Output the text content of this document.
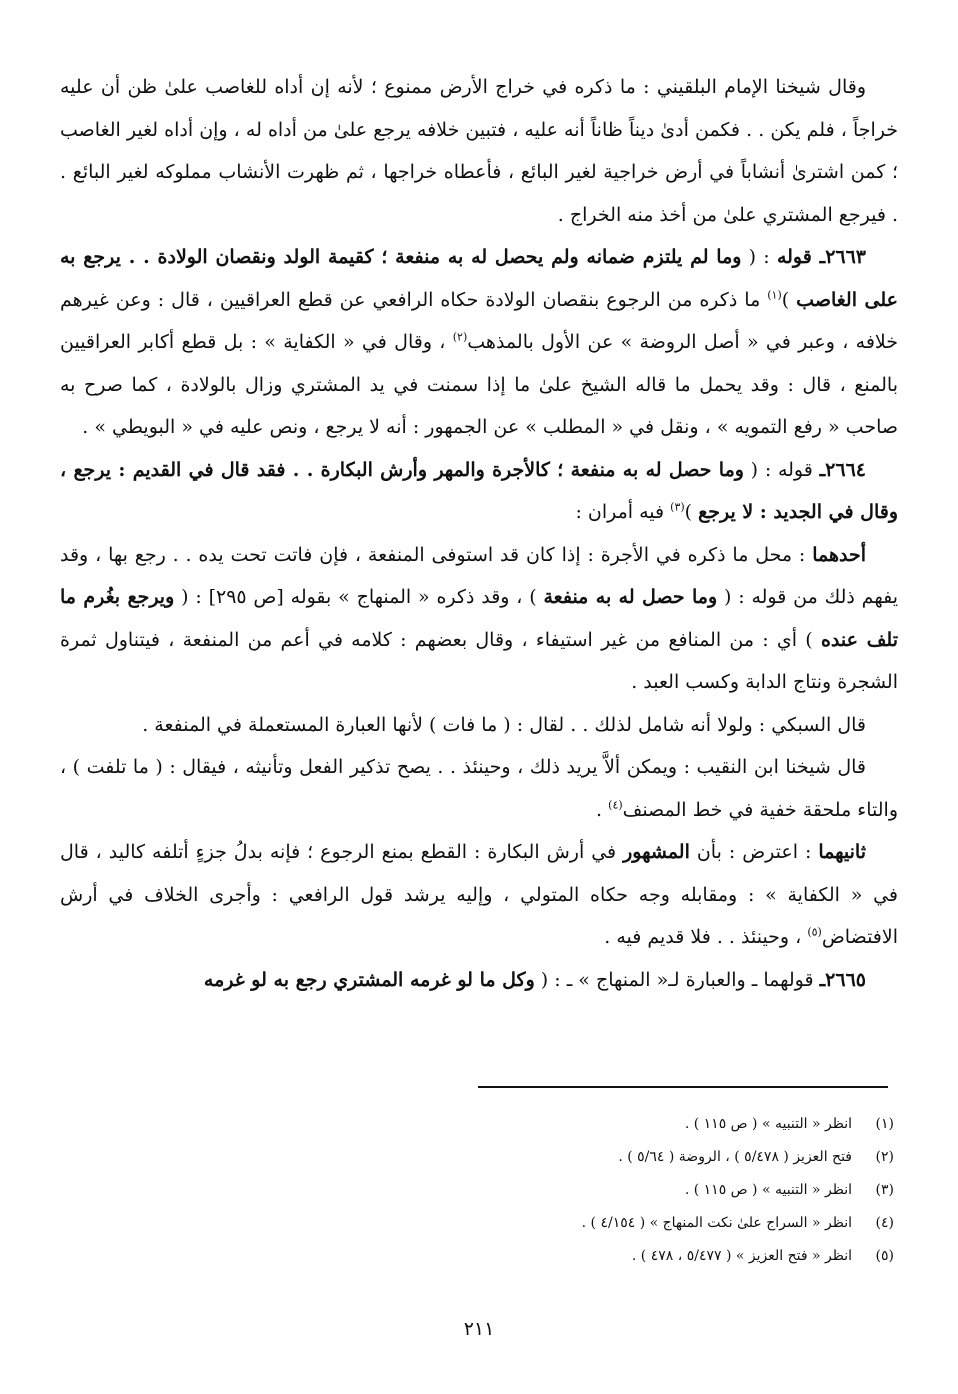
وقال شيخنا الإمام البلقيني : ما ذكره في خراج الأرض ممنوع ؛ لأنه إن أداه للغاصب علىٰ ظن أن عليه خراجاً ، فلم يكن . . فكمن أدىٰ ديناً ظاناً أنه عليه ، فتبين خلافه يرجع علىٰ من أداه له ، وإن أداه لغير الغاصب ؛ كمن اشترىٰ أنشاباً في أرض خراجية لغير البائع ، فأعطاه خراجها ، ثم ظهرت الأنشاب مملوكه لغير البائع . . فيرجع المشتري علىٰ من أخذ منه الخراج .

٢٦٦٣ـ قوله : ( وما لم يلتزم ضمانه ولم يحصل له به منفعة ؛ كقيمة الولد ونقصان الولادة . . يرجع به على الغاصب )$^{(١)}$ ما ذكره من الرجوع بنقصان الولادة حكاه الرافعي عن قطع العراقيين ، قال : وعن غيرهم خلافه ، وعبر في « أصل الروضة » عن الأول بالمذهب$^{(٢)}$ ، وقال في « الكفاية » : بل قطع أكابر العراقيين بالمنع ، قال : وقد يحمل ما قاله الشيخ علىٰ ما إذا سمنت في يد المشتري وزال بالولادة ، كما صرح به صاحب « رفع التمويه » ، ونقل في « المطلب » عن الجمهور : أنه لا يرجع ، ونص عليه في « البويطي » .

٢٦٦٤ـ قوله : ( وما حصل له به منفعة ؛ كالأجرة والمهر وأرش البكارة . . فقد قال في القديم : يرجع ، وقال في الجديد : لا يرجع )$^{(٣)}$ فيه أمران :

أحدهما : محل ما ذكره في الأجرة : إذا كان قد استوفى المنفعة ، فإن فاتت تحت يده . . رجع بها ، وقد يفهم ذلك من قوله : ( وما حصل له به منفعة ) ، وقد ذكره « المنهاج » بقوله [ص ٢٩٥] : ( ويرجع بغُرم ما تلف عنده ) أي : من المنافع من غير استيفاء ، وقال بعضهم : كلامه في أعم من المنفعة ، فيتناول ثمرة الشجرة ونتاج الدابة وكسب العبد .

قال السبكي : ولولا أنه شامل لذلك . . لقال : ( ما فات ) لأنها العبارة المستعملة في المنفعة .

قال شيخنا ابن النقيب : ويمكن ألاَّ يريد ذلك ، وحينئذ . . يصح تذكير الفعل وتأنيثه ، فيقال : ( ما تلفت ) ، والتاء ملحقة خفية في خط المصنف$^{(٤)}$ .

ثانيهما : اعترض : بأن المشهور في أرش البكارة : القطع بمنع الرجوع ؛ فإنه بدلُ جزءٍ أتلفه كاليد ، قال في « الكفاية » : ومقابله وجه حكاه المتولي ، وإليه يرشد قول الرافعي : وأجرى الخلاف في أرش الافتضاض$^{(٥)}$ ، وحينئذ . . فلا قديم فيه .

٢٦٦٥ـ قولهما ـ والعبارة لـ« المنهاج » ـ : ( وكل ما لو غرمه المشتري رجع به لو غرمه

(١)انظر « التنبيه » ( ص ١١٥ ) .
(٢)فتح العزيز ( ٥/٤٧٨ ) ، الروضة ( ٥/٦٤ ) .
(٣)انظر « التنبيه » ( ص ١١٥ ) .
(٤)انظر « السراج علىٰ نكت المنهاج » ( ٤/١٥٤ ) .
(٥)انظر « فتح العزيز » ( ٥/٤٧٧ ، ٤٧٨ ) .
٢١١
